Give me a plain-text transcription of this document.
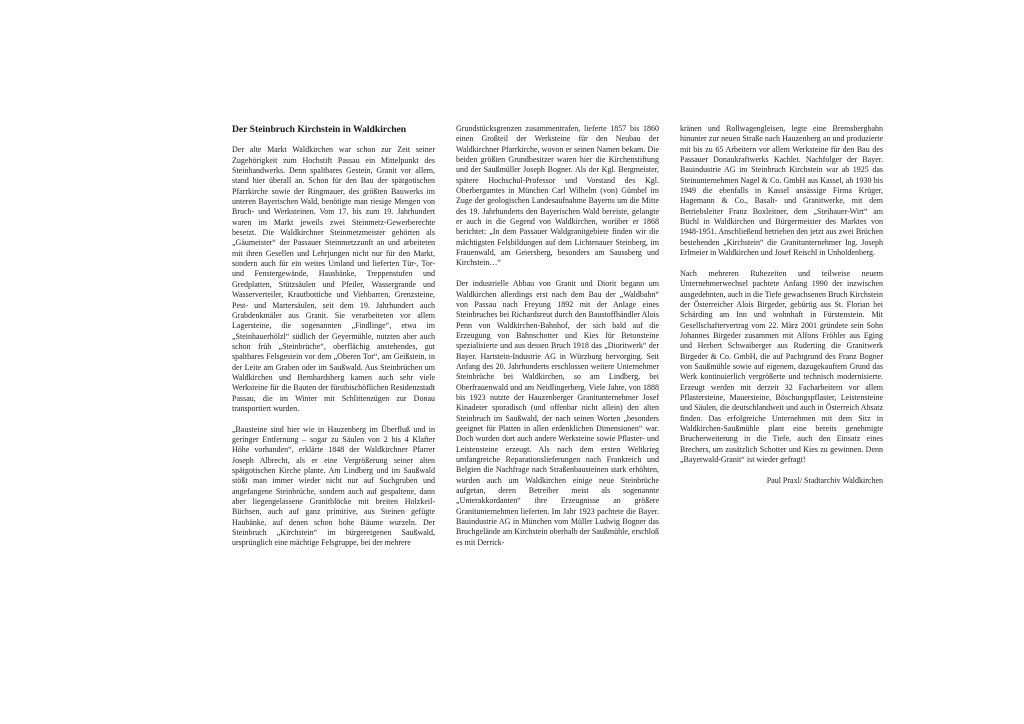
Der Steinbruch Kirchstein in Waldkirchen

Der alte Markt Waldkirchen war schon zur Zeit seiner Zugehörigkeit zum Hochstift Passau ein Mittelpunkt des Steinhandwerks. Denn spaltbares Gestein, Granit vor allem, stand hier überall an. Schon für den Bau der spätgotischen Pfarrkirche sowie der Ringmauer, des größten Bauwerks im unteren Bayerischen Wald, benötigte man riesige Mengen von Bruch- und Werksteinen. Vom 17. bis zum 19. Jahrhundert waren im Markt jeweils zwei Steinmetz-Gewerberechte besetzt. Die Waldkirchner Steinmetzmeister gehörten als „Gäumeister“ der Passauer Steinmetzzunft an und arbeiteten mit ihren Gesellen und Lehrjungen nicht nur für den Markt, sondern auch für ein weites Umland und lieferten Tür-, Tor- und Fenstergewände, Hausbänke, Treppenstufen und Gredplatten, Stützsäulen und Pfeiler, Wassergrande und Wasserverteiler, Krautbottiche und Viehbarren, Grenzsteine, Pest- und Martersäulen, seit dem 19. Jahrhundert auch Grabdenkmäler aus Granit. Sie verarbeiteten vor allem Lagersteine, die sogenannten „Findlinge“, etwa im „Steinhauerhölzl“ südlich der Geyermühle, nutzten aber auch schon früh „Steinbrüche“, oberflächig anstehendes, gut spaltbares Felsgestein vor dem „Oberen Tor“, am Geißstein, in der Leite am Graben oder im Saußwald. Aus Steinbrüchen um Waldkirchen und Bernhardsberg kamen auch sehr viele Werksteine für die Bauten der fürstbischöflichen Residenzstadt Passau, die im Winter mit Schlittenzügen zur Donau transportiert wurden.

„Bausteine sind hier wie in Hauzenberg im Überfluß und in geringer Entfernung – sogar zu Säulen von 2 bis 4 Klafter Höhe vorhanden“, erklärte 1848 der Waldkirchner Pfarrer Joseph Albrecht, als er eine Vergrößerung seiner alten spätgotischen Kirche plante. Am Lindberg und im Saußwald stößt man immer wieder nicht nur auf Suchgruben und angefangene Steinbrüche, sondern auch auf gespaltene, dann aber liegengelassene Granitblöcke mit breiten Holzkeil-Büchsen, auch auf ganz primitive, aus Steinen gefügte Haubänke, auf denen schon hohe Bäume wurzeln. Der Steinbruch „Kirchstein“ im bürgereigenen Saußwald, ursprünglich eine mächtige Felsgruppe, bei der mehrere

Grundstücksgrenzen zusammentrafen, lieferte 1857 bis 1860 einen Großteil der Werksteine für den Neubau der Waldkirchner Pfarrkirche, wovon er seinen Namen bekam. Die beiden größten Grundbesitzer waren hier die Kirchenstiftung und der Saußmüller Joseph Bogner. Als der Kgl. Bergmeister, spätere Hochschul-Professor und Vorstand des Kgl. Oberbergamtes in München Carl Wilhelm (von) Gümbel im Zuge der geologischen Landesaufnahme Bayerns um die Mitte des 19. Jahrhunderts den Bayerischen Wald bereiste, gelangte er auch in die Gegend von Waldkirchen, worüber er 1868 berichtet: „In dem Passauer Waldgranitgebiete finden wir die mächtigsten Felsbildungen auf dem Lichtenauer Steinberg, im Frauenwald, am Geiersberg, besonders am Saussberg und Kirchstein…“

Der industrielle Abbau von Granit und Diorit begann um Waldkirchen allerdings erst nach dem Bau der „Waldbahn“ von Passau nach Freyung 1892 mit der Anlage eines Steinbruches bei Richardsreut durch den Baustoffhändler Alois Penn von Waldkirchen-Bahnhof, der sich bald auf die Erzeugung von Bahnschotter und Kies für Betonsteine spezialisierte und aus dessen Bruch 1918 das „Dioritwerk“ der Bayer. Hartstein-Industrie AG in Würzburg hervorging. Seit Anfang des 20. Jahrhunderts erschlossen weitere Unternehmer Steinbrüche bei Waldkirchen, so am Lindberg, bei Oberfrauenwald und am Neidlingerberg. Viele Jahre, von 1888 bis 1923 nutzte der Hauzenberger Granitunternehmer Josef Kinadeter sporadisch (und offenbar nicht allein) den alten Steinbruch im Saußwald, der nach seinen Worten „besonders geeignet für Platten in allen erdenklichen Dimensionen“ war. Doch wurden dort auch andere Werksteine sowie Pflaster- und Leistensteine erzeugt. Als nach dem ersten Weltkrieg umfangreiche Reparationslieferungen nach Frankreich und Belgien die Nachfrage nach Straßenbausteinen stark erhöhten, wurden auch um Waldkirchen einige neue Steinbrüche aufgetan, deren Betreiber meist als sogenannte „Unterakkordanten“ ihre Erzeugnisse an größere Granitunternehmen lieferten. Im Jahr 1923 pachtete die Bayer. Bauindustrie AG in München vom Müller Ludwig Bogner das Bruchgelände am Kirchstein oberhalb der Saußmühle, erschloß es mit Derrick-

kränen und Rollwagengleisen, legte eine Bremsbergbahn hinunter zur neuen Straße nach Hauzenberg an und produzierte mit bis zu 65 Arbeitern vor allem Werksteine für den Bau des Passauer Donaukraftwerks Kachlet. Nachfolger der Bayer. Bauindustrie AG im Steinbruch Kirchstein war ab 1925 das Steinunternehmen Nagel & Co. GmbH aus Kassel, ab 1930 bis 1949 die ebenfalls in Kassel ansässige Firma Krüger, Hagemann & Co., Basalt- und Granitwerke, mit dem Betriebsleiter Franz Boxleitner, dem „Steihauer-Wirt“ am Büchl in Waldkirchen und Bürgermeister des Marktes von 1948-1951. Anschließend betrieben den jetzt aus zwei Brüchen bestehenden „Kirchstein“ die Granitunternehmer Ing. Joseph Erlmeier in Waldkirchen und Josef Reischl in Unholdenberg.

Nach mehreren Ruhezeiten und teilweise neuem Unternehmerwechsel pachtete Anfang 1990 der inzwischen ausgedehnten, auch in die Tiefe gewachsenen Bruch Kirchstein der Österreicher Alois Birgeder, gebürtig aus St. Florian bei Schärding am Inn und wohnhaft in Fürstenstein. Mit Gesellschaftervertrag vom 22. März 2001 gründete sein Sohn Johannes Birgeder zusammen mit Alfons Fröhler aus Eging und Herbert Schwaiberger aus Ruderting die Granitwerk Birgeder & Co. GmbH, die auf Pachtgrund des Franz Bogner von Saußmühle sowie auf eigenem, dazugekauftem Grund das Werk kontinuierlich vergrößerte und technisch modernisierte. Erzeugt werden mit derzeit 32 Facharbeitern vor allem Pflastersteine, Mauersteine, Böschungspflaster, Leistensteine und Säulen, die deutschlandweit und auch in Österreich Absatz finden. Das erfolgreiche Unternehmen mit dem Sitz in Waldkirchen-Saußmühle plant eine bereits genehmigte Brucherweiterung in die Tiefe, auch den Einsatz eines Brechers, um zusätzlich Schotter und Kies zu gewinnen. Denn „Bayerwald-Granit“ ist wieder gefragt!

Paul Praxl/ Stadtarchiv Waldkirchen
